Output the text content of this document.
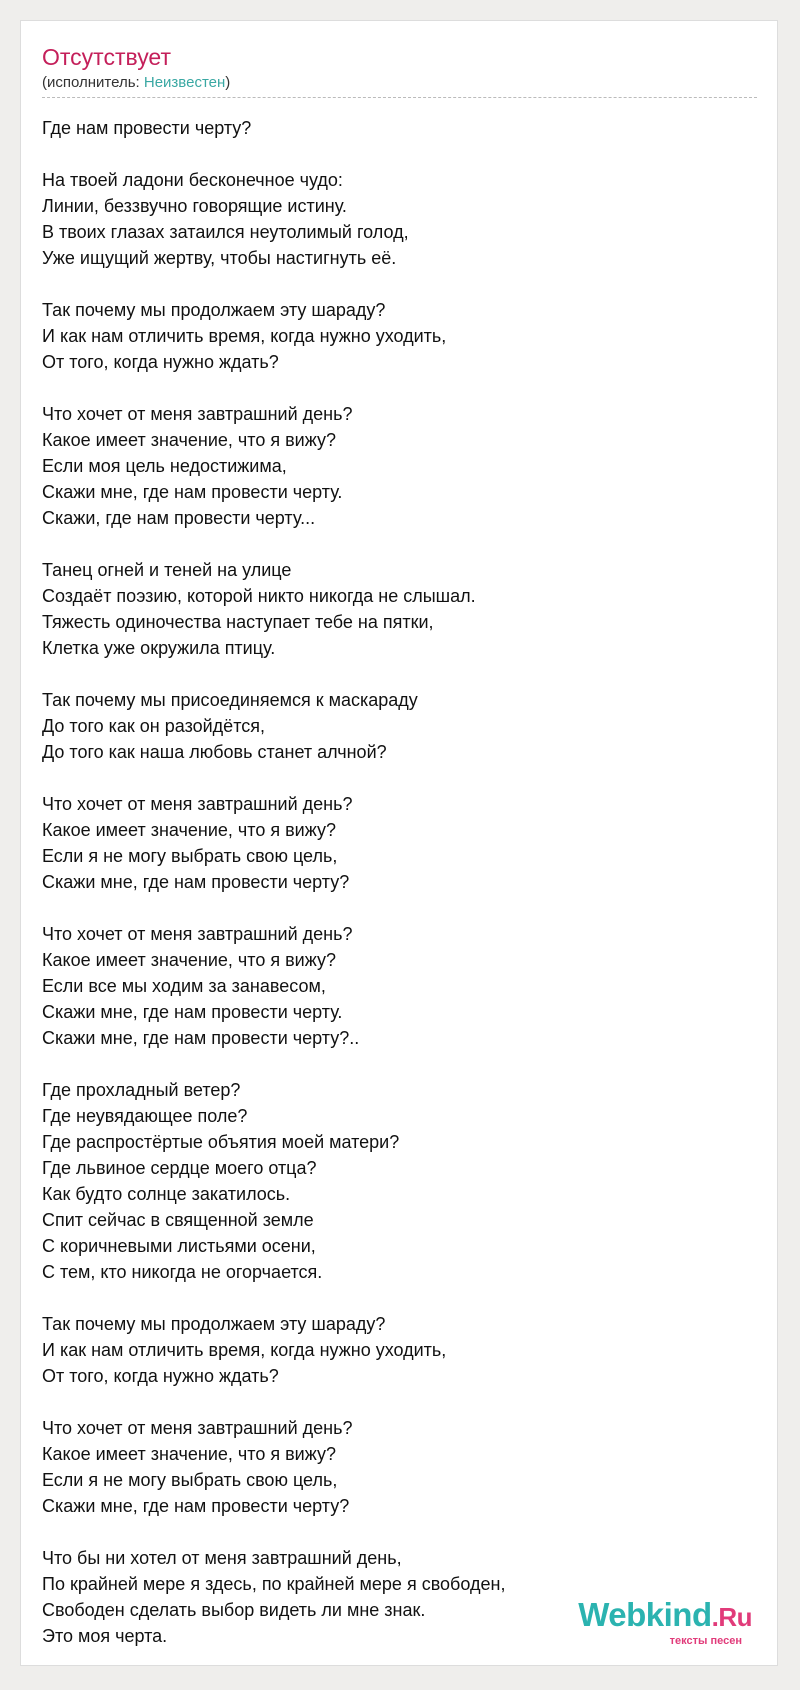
Отсутствует
(исполнитель: Неизвестен)
Где нам провести черту?
На твоей ладони бесконечное чудо:
Линии, беззвучно говорящие истину.
В твоих глазах затаился неутолимый голод,
Уже ищущий жертву, чтобы настигнуть её.
Так почему мы продолжаем эту шараду?
И как нам отличить время, когда нужно уходить,
От того, когда нужно ждать?
Что хочет от меня завтрашний день?
Какое имеет значение, что я вижу?
Если моя цель недостижима,
Скажи мне, где нам провести черту.
Скажи, где нам провести черту...
Танец огней и теней на улице
Создаёт поэзию, которой никто никогда не слышал.
Тяжесть одиночества наступает тебе на пятки,
Клетка уже окружила птицу.
Так почему мы присоединяемся к маскараду
До того как он разойдётся,
До того как наша любовь станет алчной?
Что хочет от меня завтрашний день?
Какое имеет значение, что я вижу?
Если я не могу выбрать свою цель,
Скажи мне, где нам провести черту?
Что хочет от меня завтрашний день?
Какое имеет значение, что я вижу?
Если все мы ходим за занавесом,
Скажи мне, где нам провести черту.
Скажи мне, где нам провести черту?..
Где прохладный ветер?
Где неувядающее поле?
Где распростёртые объятия моей матери?
Где львиное сердце моего отца?
Как будто солнце закатилось.
Спит сейчас в священной земле
С коричневыми листьями осени,
С тем, кто никогда не огорчается.
Так почему мы продолжаем эту шараду?
И как нам отличить время, когда нужно уходить,
От того, когда нужно ждать?
Что хочет от меня завтрашний день?
Какое имеет значение, что я вижу?
Если я не могу выбрать свою цель,
Скажи мне, где нам провести черту?
Что бы ни хотел от меня завтрашний день,
По крайней мере я здесь, по крайней мере я свободен,
Свободен сделать выбор видеть ли мне знак.
Это моя черта.
Webkind.Ru
тексты песен
